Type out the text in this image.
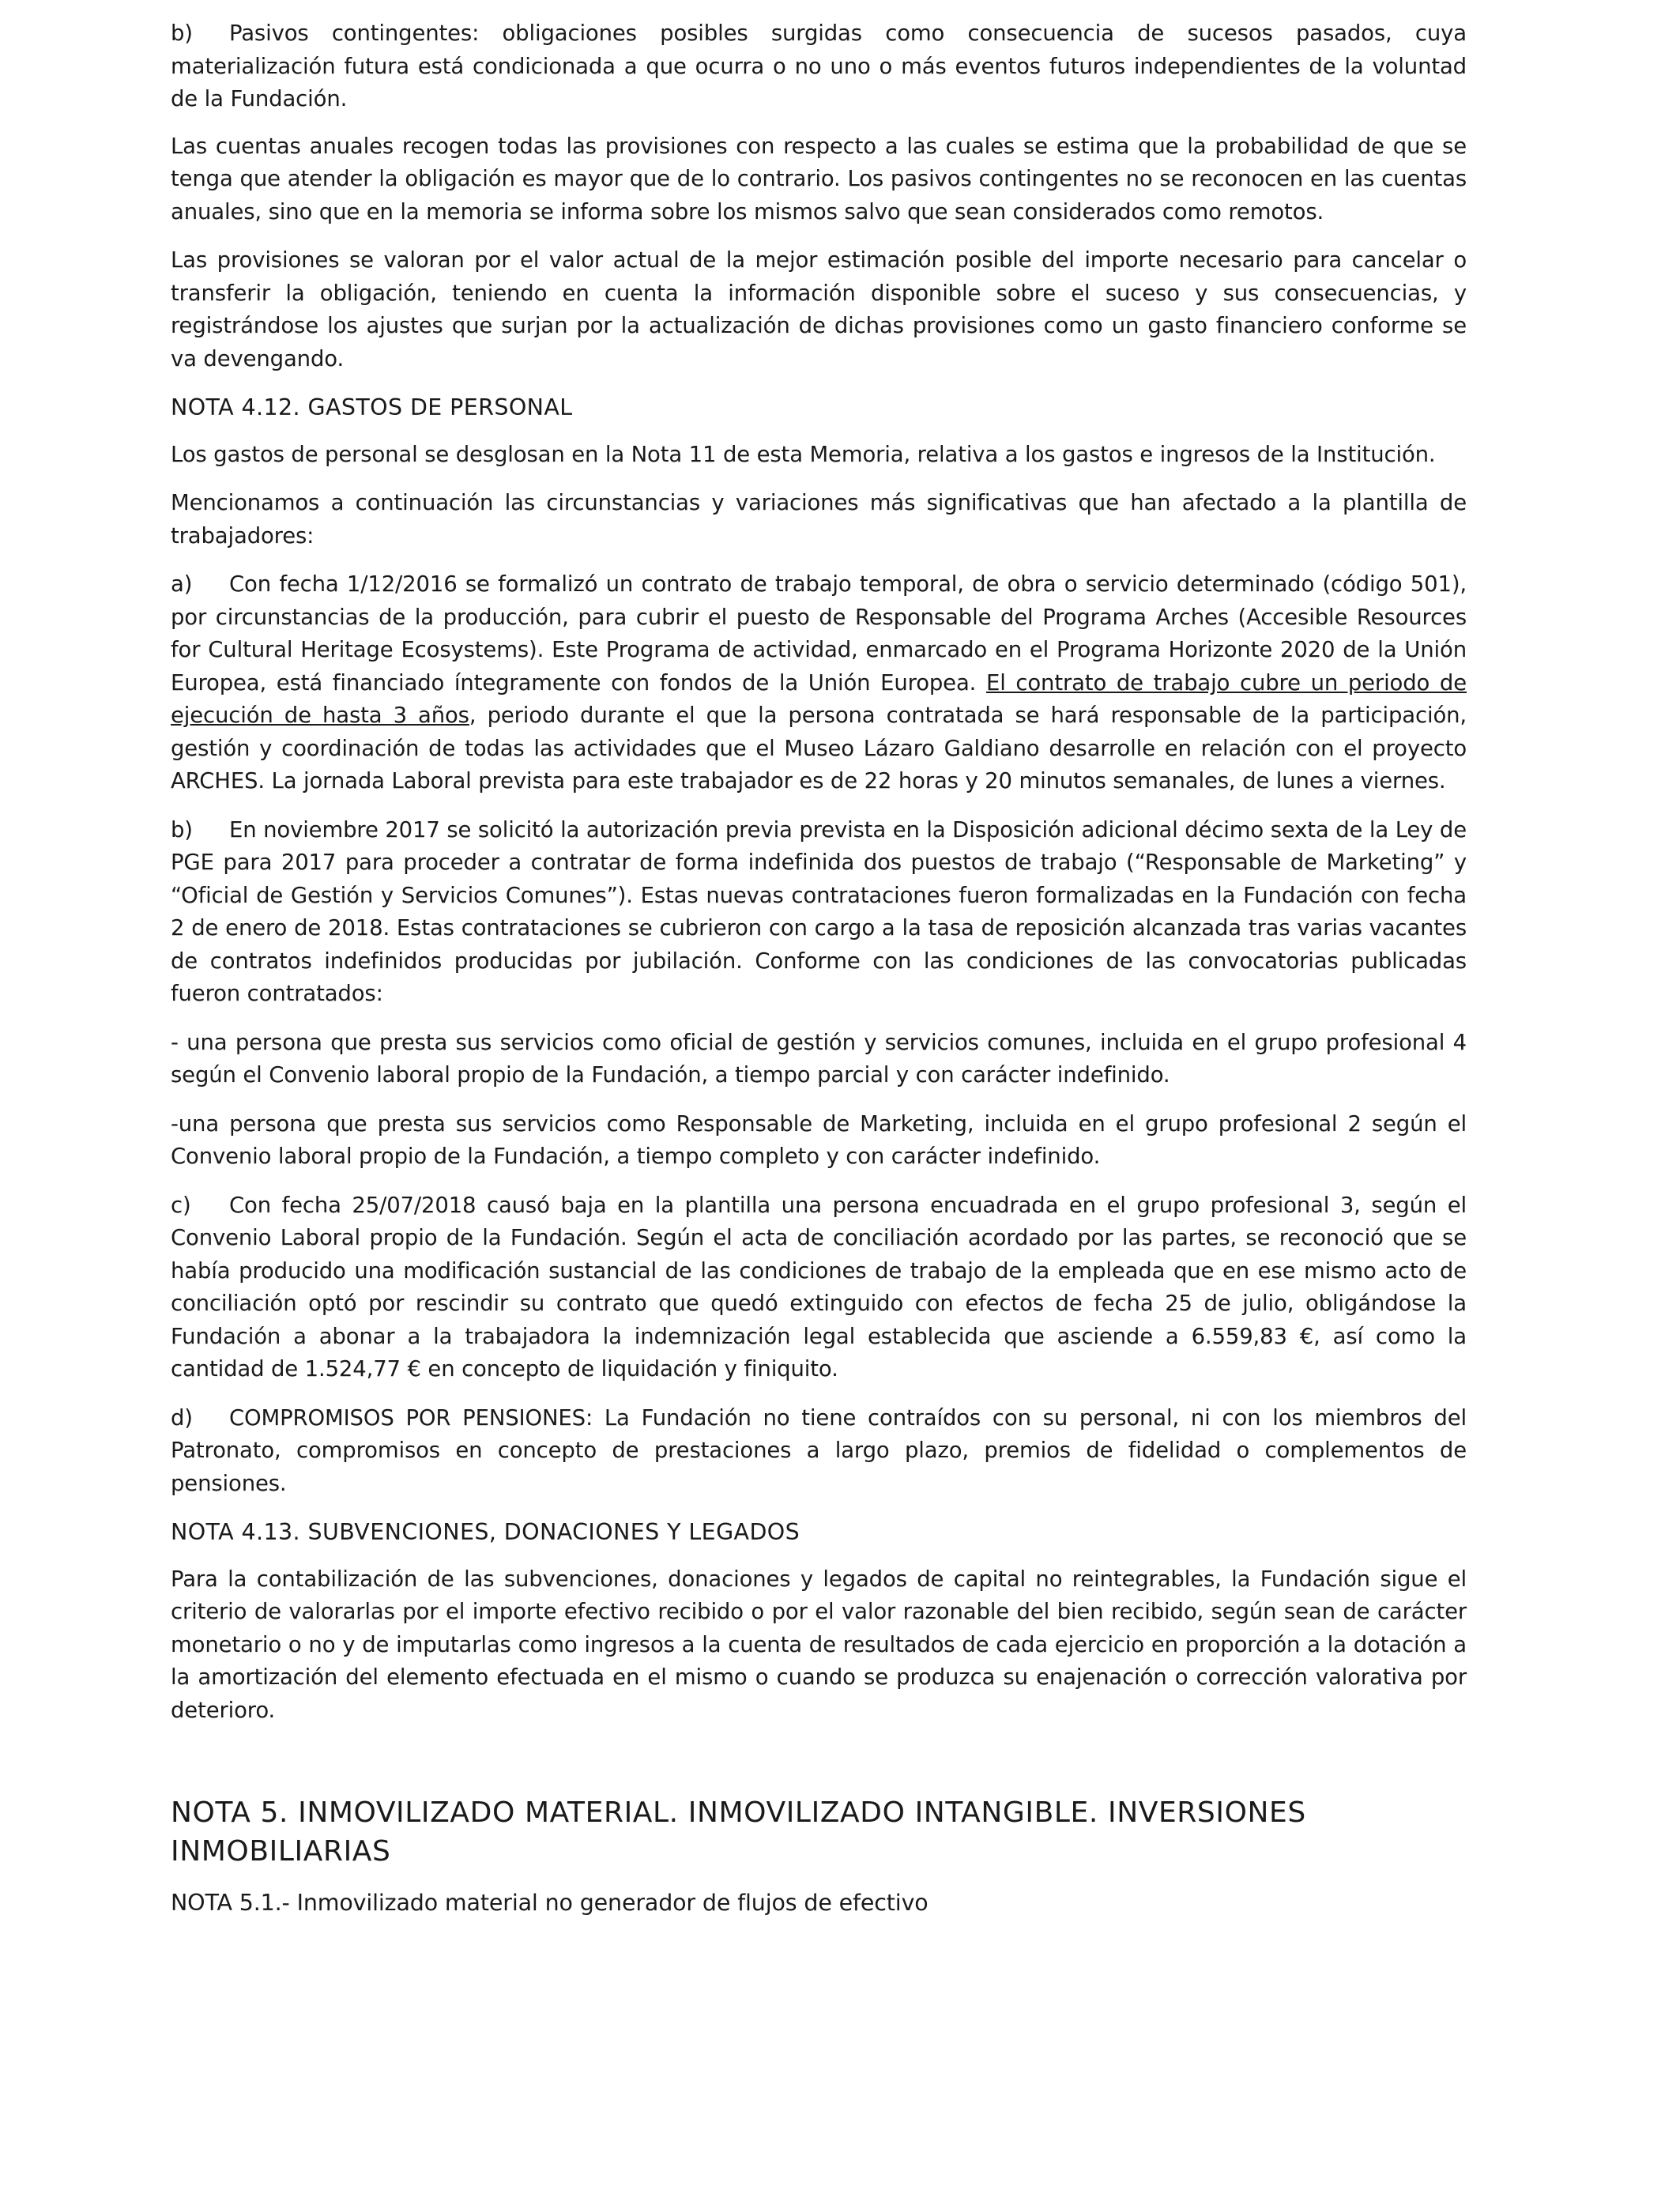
b) Pasivos contingentes: obligaciones posibles surgidas como consecuencia de sucesos pasados, cuya materialización futura está condicionada a que ocurra o no uno o más eventos futuros independientes de la voluntad de la Fundación.

Las cuentas anuales recogen todas las provisiones con respecto a las cuales se estima que la probabilidad de que se tenga que atender la obligación es mayor que de lo contrario. Los pasivos contingentes no se reconocen en las cuentas anuales, sino que en la memoria se informa sobre los mismos salvo que sean considerados como remotos.

Las provisiones se valoran por el valor actual de la mejor estimación posible del importe necesario para cancelar o transferir la obligación, teniendo en cuenta la información disponible sobre el suceso y sus consecuencias, y registrándose los ajustes que surjan por la actualización de dichas provisiones como un gasto financiero conforme se va devengando.

NOTA 4.12. GASTOS DE PERSONAL

Los gastos de personal se desglosan en la Nota 11 de esta Memoria, relativa a los gastos e ingresos de la Institución.

Mencionamos a continuación las circunstancias y variaciones más significativas que han afectado a la plantilla de trabajadores:

a) Con fecha 1/12/2016 se formalizó un contrato de trabajo temporal, de obra o servicio determinado (código 501), por circunstancias de la producción, para cubrir el puesto de Responsable del Programa Arches (Accesible Resources for Cultural Heritage Ecosystems). Este Programa de actividad, enmarcado en el Programa Horizonte 2020 de la Unión Europea, está financiado íntegramente con fondos de la Unión Europea. El contrato de trabajo cubre un periodo de ejecución de hasta 3 años, periodo durante el que la persona contratada se hará responsable de la participación, gestión y coordinación de todas las actividades que el Museo Lázaro Galdiano desarrolle en relación con el proyecto ARCHES. La jornada Laboral prevista para este trabajador es de 22 horas y 20 minutos semanales, de lunes a viernes.

b) En noviembre 2017 se solicitó la autorización previa prevista en la Disposición adicional décimo sexta de la Ley de PGE para 2017 para proceder a contratar de forma indefinida dos puestos de trabajo (“Responsable de Marketing” y “Oficial de Gestión y Servicios Comunes”). Estas nuevas contrataciones fueron formalizadas en la Fundación con fecha 2 de enero de 2018. Estas contrataciones se cubrieron con cargo a la tasa de reposición alcanzada tras varias vacantes de contratos indefinidos producidas por jubilación. Conforme con las condiciones de las convocatorias publicadas fueron contratados:

- una persona que presta sus servicios como oficial de gestión y servicios comunes, incluida en el grupo profesional 4 según el Convenio laboral propio de la Fundación, a tiempo parcial y con carácter indefinido.

-una persona que presta sus servicios como Responsable de Marketing, incluida en el grupo profesional 2 según el Convenio laboral propio de la Fundación, a tiempo completo y con carácter indefinido.

c) Con fecha 25/07/2018 causó baja en la plantilla una persona encuadrada en el grupo profesional 3, según el Convenio Laboral propio de la Fundación. Según el acta de conciliación acordado por las partes, se reconoció que se había producido una modificación sustancial de las condiciones de trabajo de la empleada que en ese mismo acto de conciliación optó por rescindir su contrato que quedó extinguido con efectos de fecha 25 de julio, obligándose la Fundación a abonar a la trabajadora la indemnización legal establecida que asciende a 6.559,83 €, así como la cantidad de 1.524,77 € en concepto de liquidación y finiquito.

d) COMPROMISOS POR PENSIONES: La Fundación no tiene contraídos con su personal, ni con los miembros del Patronato, compromisos en concepto de prestaciones a largo plazo, premios de fidelidad o complementos de pensiones.

NOTA 4.13. SUBVENCIONES, DONACIONES Y LEGADOS

Para la contabilización de las subvenciones, donaciones y legados de capital no reintegrables, la Fundación sigue el criterio de valorarlas por el importe efectivo recibido o por el valor razonable del bien recibido, según sean de carácter monetario o no y de imputarlas como ingresos a la cuenta de resultados de cada ejercicio en proporción a la dotación a la amortización del elemento efectuada en el mismo o cuando se produzca su enajenación o corrección valorativa por deterioro.

NOTA 5. INMOVILIZADO MATERIAL. INMOVILIZADO INTANGIBLE. INVERSIONES INMOBILIARIAS

NOTA 5.1.- Inmovilizado material no generador de flujos de efectivo
